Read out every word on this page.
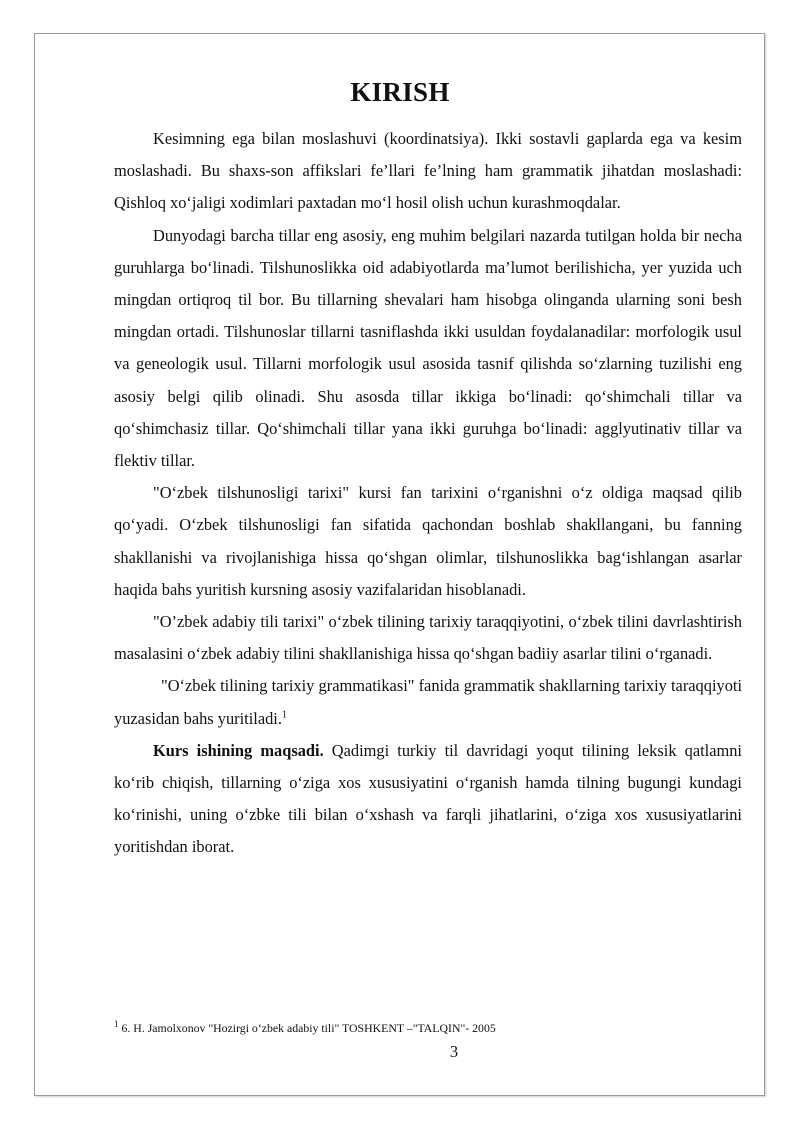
KIRISH

Kesimning ega bilan moslashuvi (koordinatsiya). Ikki sostavli gaplarda ega va kesim moslashadi. Bu shaxs-son affikslari fe’llari fe’lning ham grammatik jihatdan moslashadi: Qishloq xo‘jaligi xodimlari paxtadan mo‘l hosil olish uchun kurashmoqdalar.

Dunyodagi barcha tillar eng asosiy, eng muhim belgilari nazarda tutilgan holda bir necha guruhlarga bo‘linadi. Tilshunoslikka oid adabiyotlarda ma’lumot berilishicha, yer yuzida uch mingdan ortiqroq til bor. Bu tillarning shevalari ham hisobga olinganda ularning soni besh mingdan ortadi. Tilshunoslar tillarni tasniflashda ikki usuldan foydalanadilar: morfologik usul va geneologik usul. Tillarni morfologik usul asosida tasnif qilishda so‘zlarning tuzilishi eng asosiy belgi qilib olinadi. Shu asosda tillar ikkiga bo‘linadi: qo‘shimchali tillar va qo‘shimchasiz tillar. Qo‘shimchali tillar yana ikki guruhga bo‘linadi: agglyutinativ tillar va flektiv tillar.

"O‘zbek tilshunosligi tarixi" kursi fan tarixini o‘rganishni o‘z oldiga maqsad qilib qo‘yadi. O‘zbek tilshunosligi fan sifatida qachondan boshlab shakllangani, bu fanning shakllanishi va rivojlanishiga hissa qo‘shgan olimlar, tilshunoslikka bag‘ishlangan asarlar haqida bahs yuritish kursning asosiy vazifalaridan hisoblanadi.

"O’zbek adabiy tili tarixi" o‘zbek tilining tarixiy taraqqiyotini, o‘zbek tilini davrlashtirish masalasini o‘zbek adabiy tilini shakllanishiga hissa qo‘shgan badiiy asarlar tilini o‘rganadi.

"O‘zbek tilining tarixiy grammatikasi" fanida grammatik shakllarning tarixiy taraqqiyoti yuzasidan bahs yuritiladi.$^1$

Kurs ishining maqsadi. Qadimgi turkiy til davridagi yoqut tilining leksik qatlamni ko‘rib chiqish, tillarning o‘ziga xos xususiyatini o‘rganish hamda tilning bugungi kundagi ko‘rinishi, uning o‘zbke tili bilan o‘xshash va farqli jihatlarini, o‘ziga xos xususiyatlarini yoritishdan iborat.

$^1$ 6. H. Jamolxonov "Hozirgi o‘zbek adabiy tili" TOSHKENT –"TALQIN"- 2005
3
